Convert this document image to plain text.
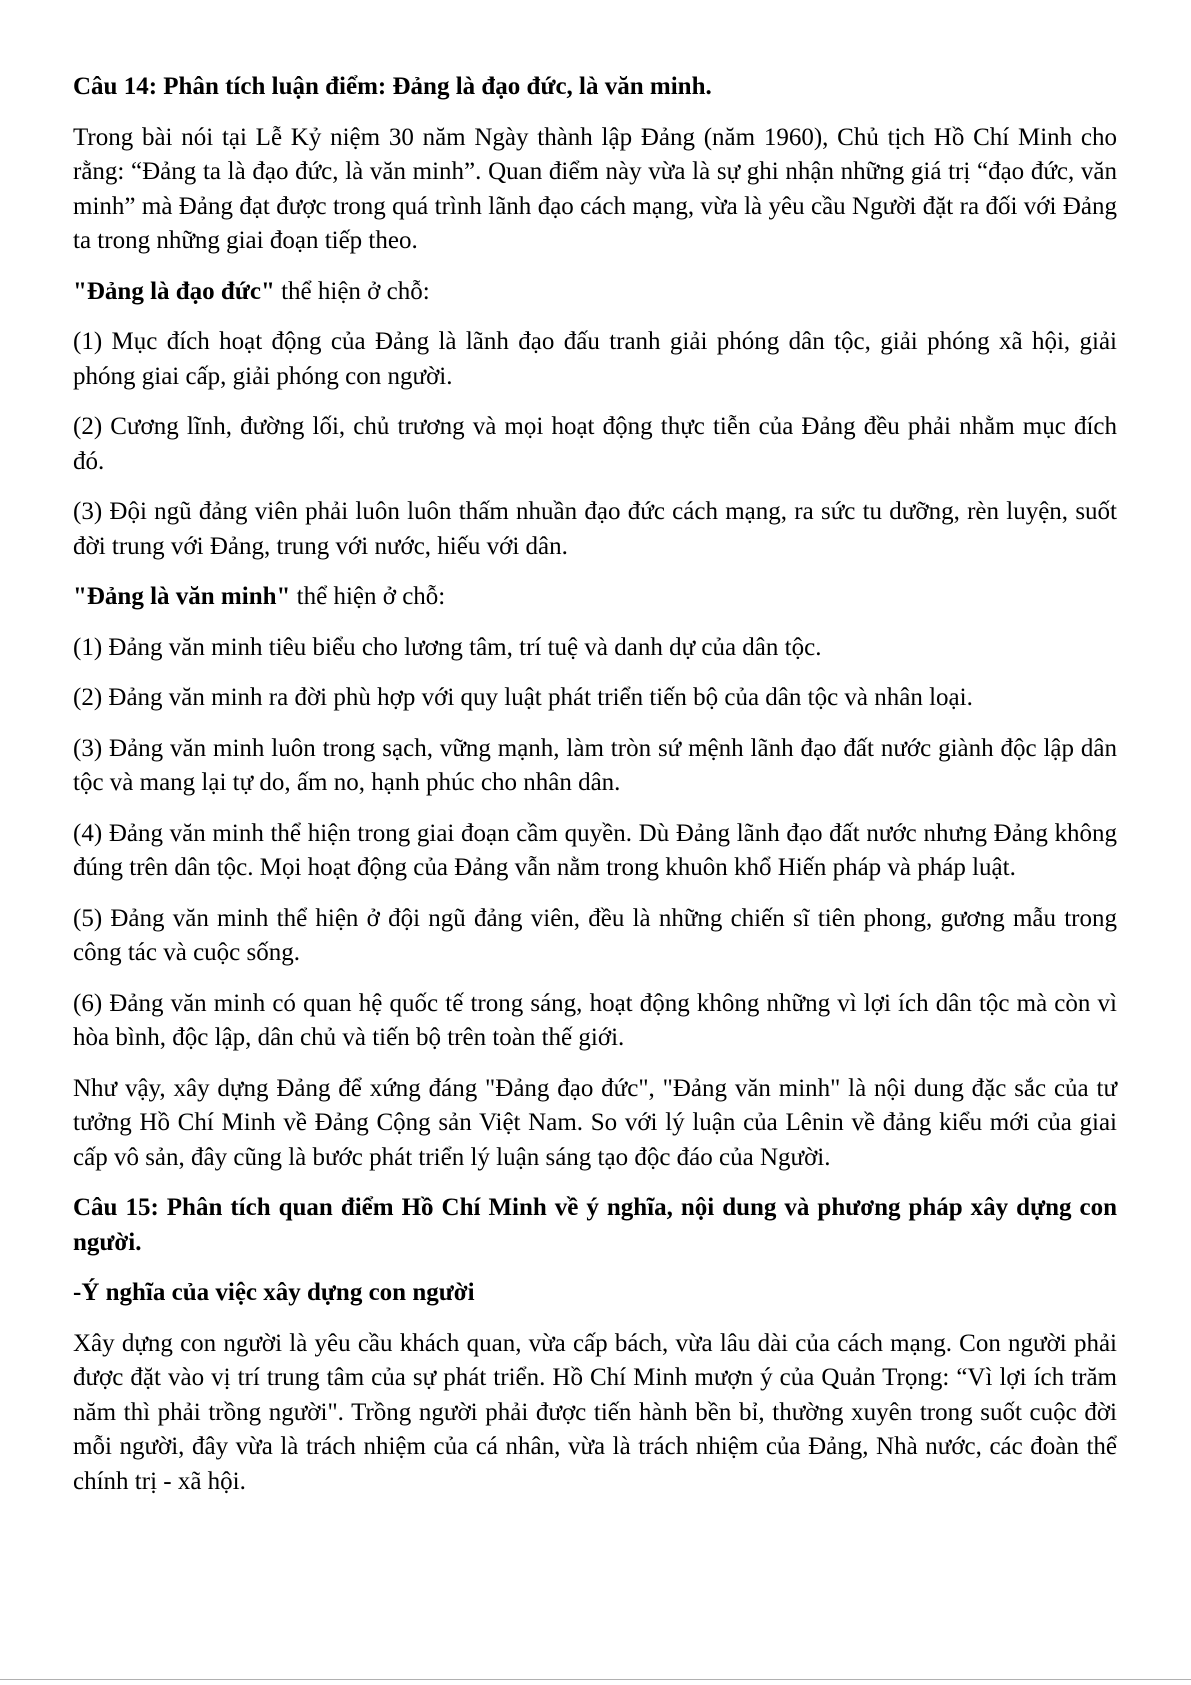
Câu 14: Phân tích luận điểm: Đảng là đạo đức, là văn minh.

Trong bài nói tại Lễ Kỷ niệm 30 năm Ngày thành lập Đảng (năm 1960), Chủ tịch Hồ Chí Minh cho rằng: “Đảng ta là đạo đức, là văn minh”. Quan điểm này vừa là sự ghi nhận những giá trị “đạo đức, văn minh” mà Đảng đạt được trong quá trình lãnh đạo cách mạng, vừa là yêu cầu Người đặt ra đối với Đảng ta trong những giai đoạn tiếp theo.

"Đảng là đạo đức" thể hiện ở chỗ:

(1) Mục đích hoạt động của Đảng là lãnh đạo đấu tranh giải phóng dân tộc, giải phóng xã hội, giải phóng giai cấp, giải phóng con người.

(2) Cương lĩnh, đường lối, chủ trương và mọi hoạt động thực tiễn của Đảng đều phải nhằm mục đích đó.

(3) Đội ngũ đảng viên phải luôn luôn thấm nhuần đạo đức cách mạng, ra sức tu dưỡng, rèn luyện, suốt đời trung với Đảng, trung với nước, hiếu với dân.

"Đảng là văn minh" thể hiện ở chỗ:

(1) Đảng văn minh tiêu biểu cho lương tâm, trí tuệ và danh dự của dân tộc.

(2) Đảng văn minh ra đời phù hợp với quy luật phát triển tiến bộ của dân tộc và nhân loại.

(3) Đảng văn minh luôn trong sạch, vững mạnh, làm tròn sứ mệnh lãnh đạo đất nước giành độc lập dân tộc và mang lại tự do, ấm no, hạnh phúc cho nhân dân.

(4) Đảng văn minh thể hiện trong giai đoạn cầm quyền. Dù Đảng lãnh đạo đất nước nhưng Đảng không đúng trên dân tộc. Mọi hoạt động của Đảng vẫn nằm trong khuôn khổ Hiến pháp và pháp luật.

(5) Đảng văn minh thể hiện ở đội ngũ đảng viên, đều là những chiến sĩ tiên phong, gương mẫu trong công tác và cuộc sống.

(6) Đảng văn minh có quan hệ quốc tế trong sáng, hoạt động không những vì lợi ích dân tộc mà còn vì hòa bình, độc lập, dân chủ và tiến bộ trên toàn thế giới.

Như vậy, xây dựng Đảng để xứng đáng "Đảng đạo đức", "Đảng văn minh" là nội dung đặc sắc của tư tưởng Hồ Chí Minh về Đảng Cộng sản Việt Nam. So với lý luận của Lênin về đảng kiểu mới của giai cấp vô sản, đây cũng là bước phát triển lý luận sáng tạo độc đáo của Người.

Câu 15: Phân tích quan điểm Hồ Chí Minh về ý nghĩa, nội dung và phương pháp xây dựng con người.

-Ý nghĩa của việc xây dựng con người

Xây dựng con người là yêu cầu khách quan, vừa cấp bách, vừa lâu dài của cách mạng. Con người phải được đặt vào vị trí trung tâm của sự phát triển. Hồ Chí Minh mượn ý của Quản Trọng: “Vì lợi ích trăm năm thì phải trồng người". Trồng người phải được tiến hành bền bỉ, thường xuyên trong suốt cuộc đời mỗi người, đây vừa là trách nhiệm của cá nhân, vừa là trách nhiệm của Đảng, Nhà nước, các đoàn thể chính trị - xã hội.
